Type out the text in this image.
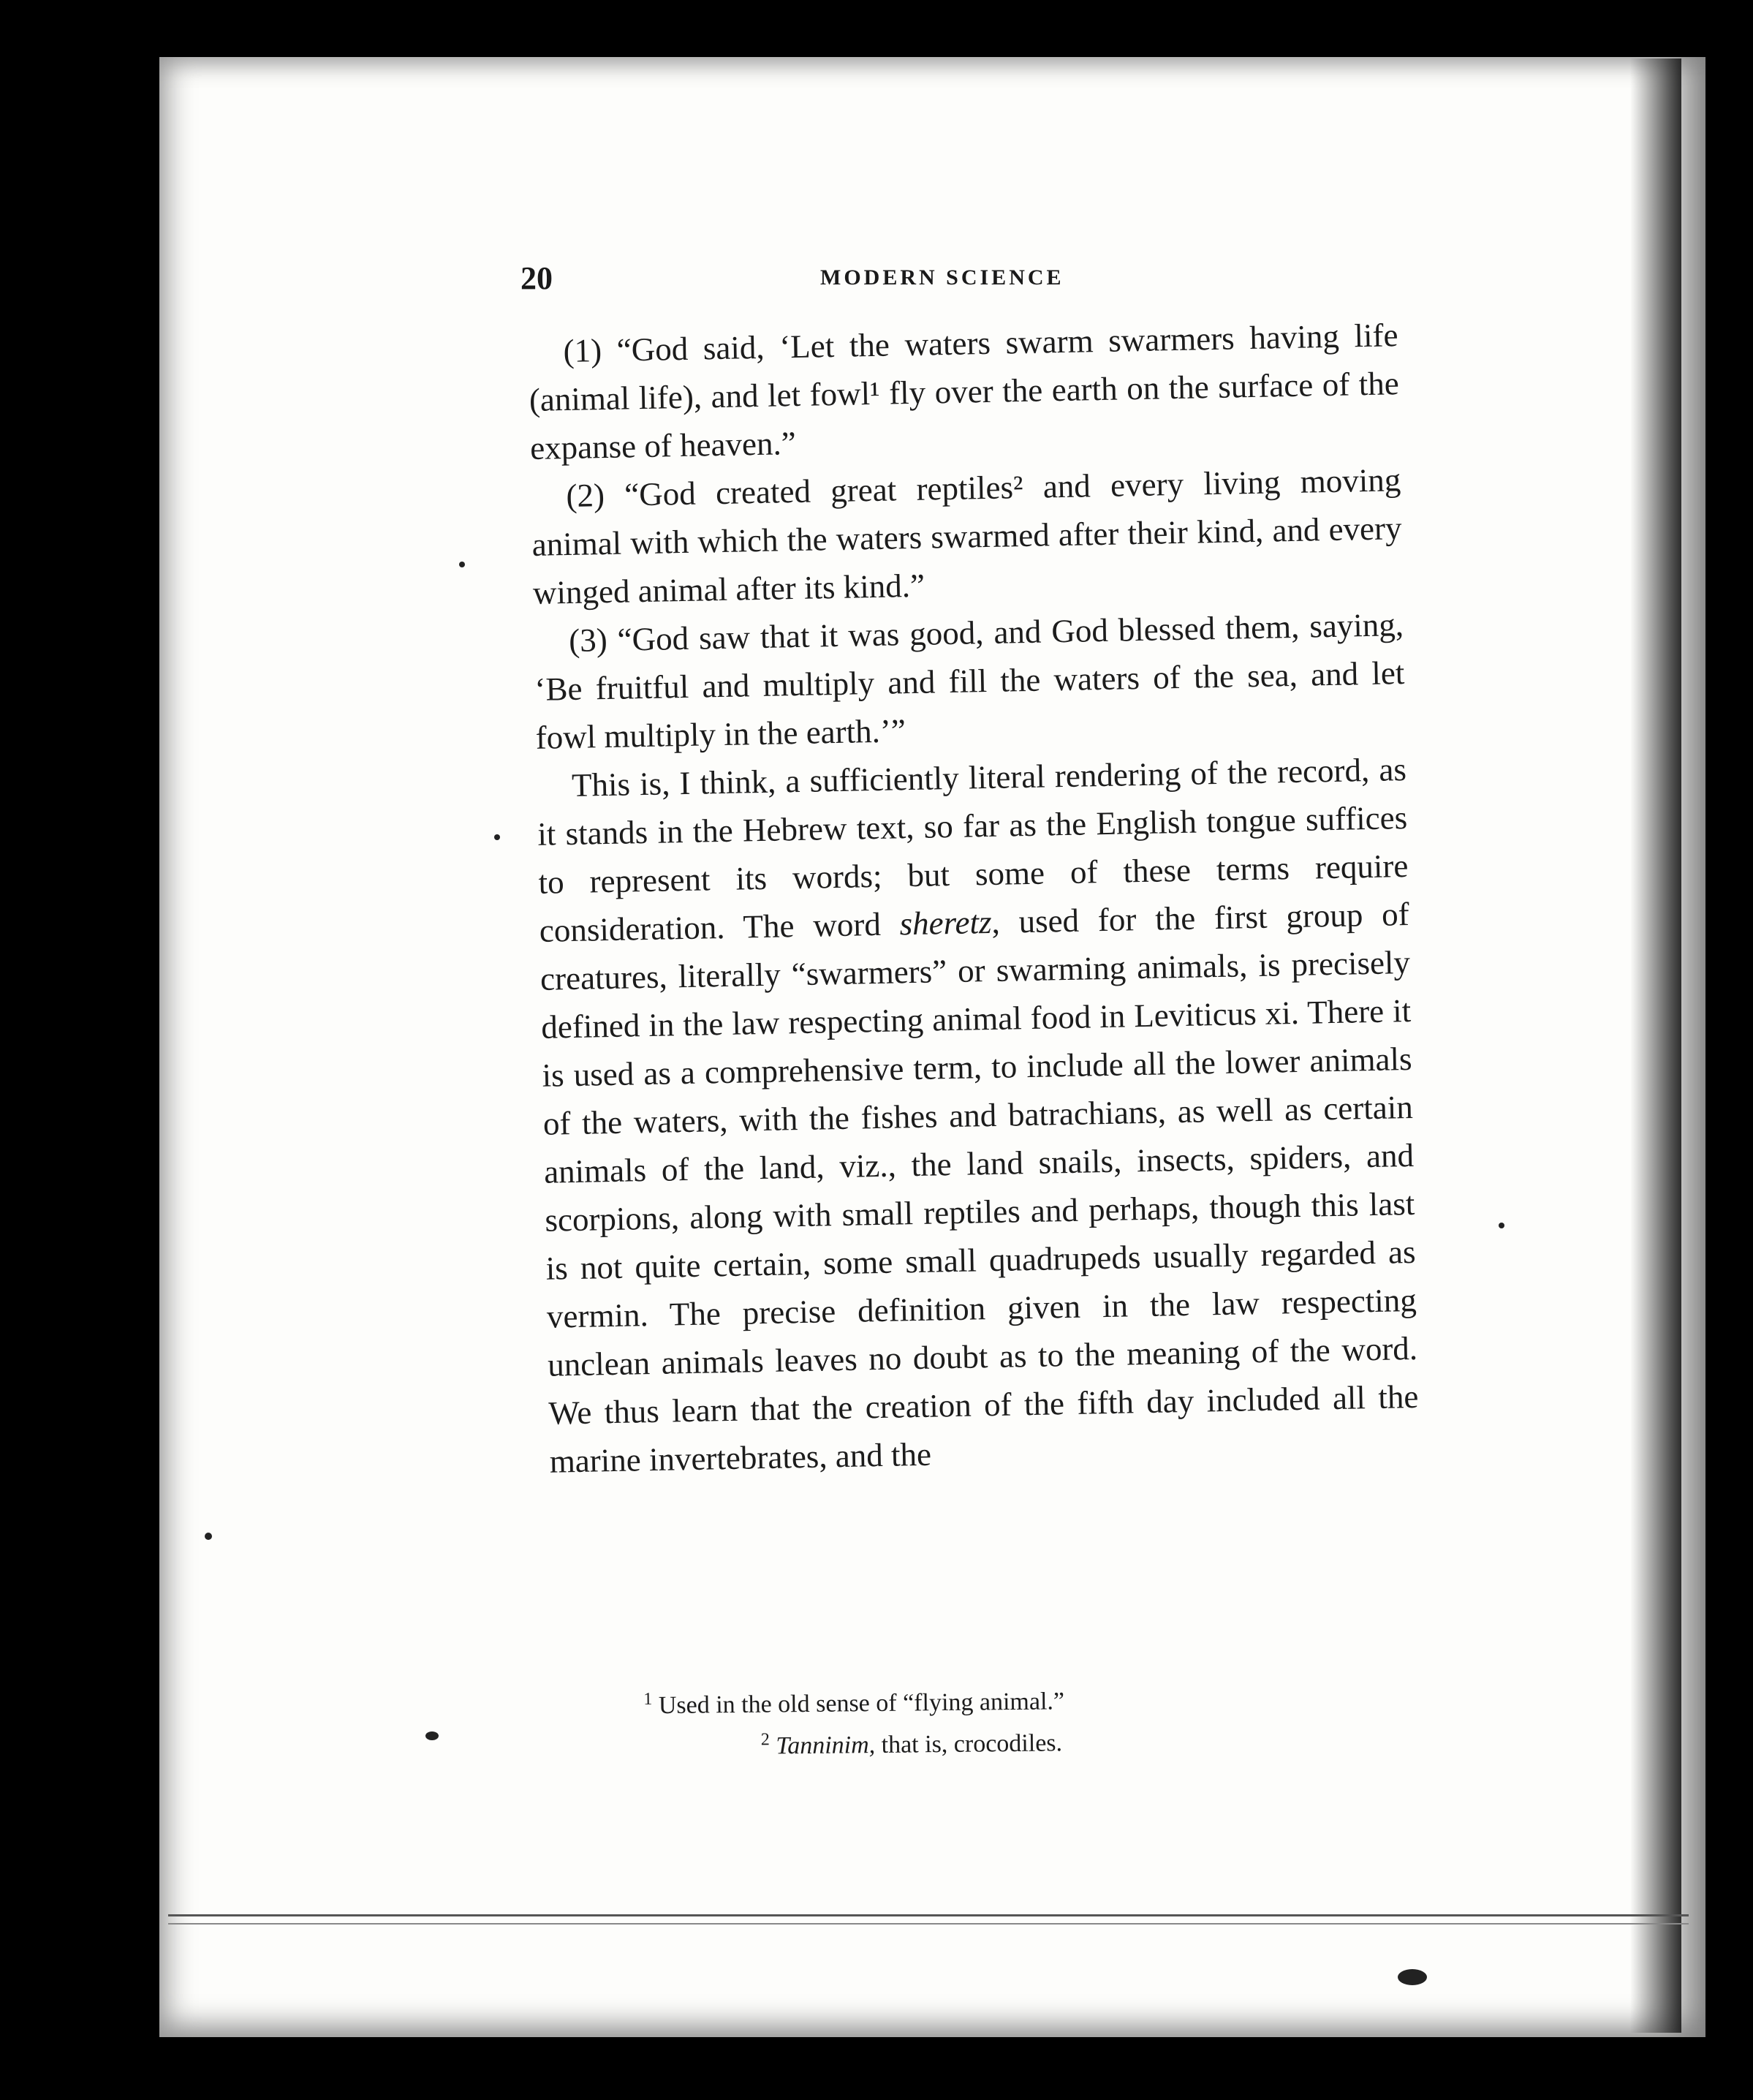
20	MODERN SCIENCE

(1) “God said, ‘Let the waters swarm swarmers having life (animal life), and let fowl¹ fly over the earth on the surface of the expanse of heaven.”

(2) “God created great reptiles² and every living moving animal with which the waters swarmed after their kind, and every winged animal after its kind.”

(3) “God saw that it was good, and God blessed them, saying, ‘Be fruitful and multiply and fill the waters of the sea, and let fowl multiply in the earth.’”

This is, I think, a sufficiently literal rendering of the record, as it stands in the Hebrew text, so far as the English tongue suffices to represent its words; but some of these terms require consideration. The word sheretz, used for the first group of creatures, literally “swarmers” or swarming animals, is precisely defined in the law respecting animal food in Leviticus xi. There it is used as a comprehensive term, to include all the lower animals of the waters, with the fishes and batrachians, as well as certain animals of the land, viz., the land snails, insects, spiders, and scorpions, along with small reptiles and perhaps, though this last is not quite certain, some small quadrupeds usually regarded as vermin. The precise definition given in the law respecting unclean animals leaves no doubt as to the meaning of the word. We thus learn that the creation of the fifth day included all the marine invertebrates, and the

$^1$ Used in the old sense of “flying animal.”
$^2$ Tanninim, that is, crocodiles.
